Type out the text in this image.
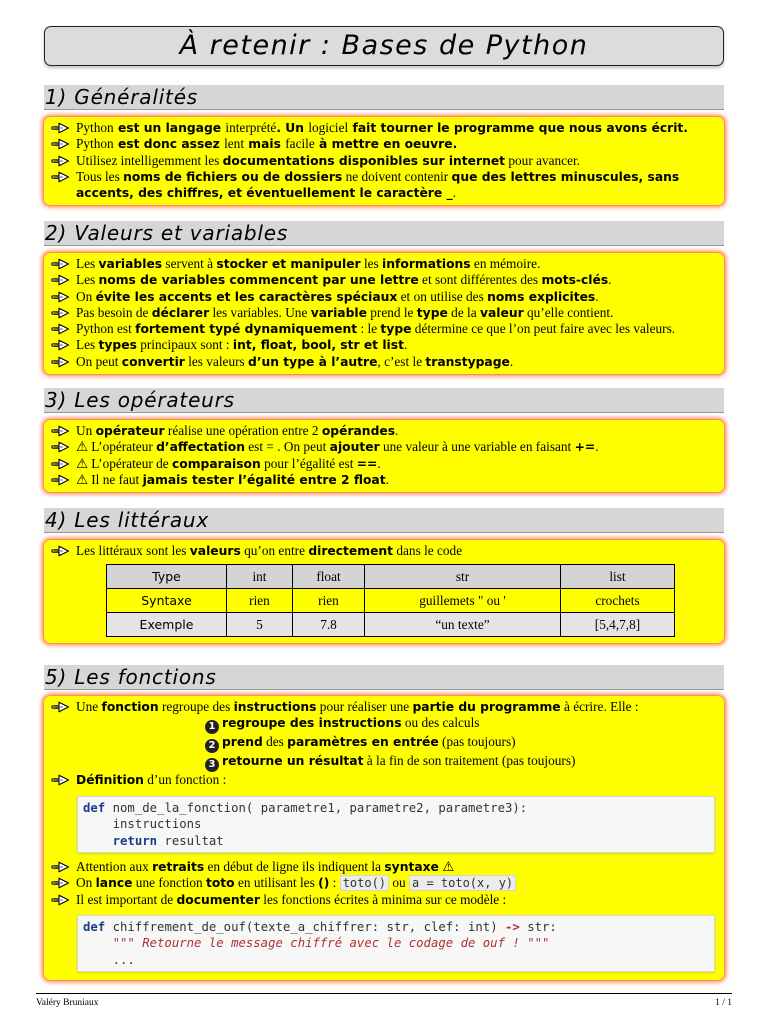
À retenir : Bases de Python
1) Généralités
Python est un langage interprété. Un logiciel fait tourner le programme que nous avons écrit.
Python est donc assez lent mais facile à mettre en oeuvre.
Utilisez intelligemment les documentations disponibles sur internet pour avancer.
Tous les noms de fichiers ou de dossiers ne doivent contenir que des lettres minuscules, sans accents, des chiffres, et éventuellement le caractère _.
2) Valeurs et variables
Les variables servent à stocker et manipuler les informations en mémoire.
Les noms de variables commencent par une lettre et sont différentes des mots-clés.
On évite les accents et les caractères spéciaux et on utilise des noms explicites.
Pas besoin de déclarer les variables. Une variable prend le type de la valeur qu’elle contient.
Python est fortement typé dynamiquement : le type détermine ce que l’on peut faire avec les valeurs.
Les types principaux sont : int, float, bool, str et list.
On peut convertir les valeurs d’un type à l’autre, c’est le transtypage.
3) Les opérateurs
Un opérateur réalise une opération entre 2 opérandes.
⚠ L’opérateur d’affectation est = . On peut ajouter une valeur à une variable en faisant +=.
⚠ L’opérateur de comparaison pour l’égalité est ==.
⚠ Il ne faut jamais tester l’égalité entre 2 float.
4) Les littéraux
Les littéraux sont les valeurs qu’on entre directement dans le code
Type	int	float	str	list
Syntaxe	rien	rien	guillemets " ou '	crochets
Exemple	5	7.8	“un texte”	[5,4,7,8]
5) Les fonctions
Une fonction regroupe des instructions pour réaliser une partie du programme à écrire. Elle :
1 regroupe des instructions ou des calculs
2 prend des paramètres en entrée (pas toujours)
3 retourne un résultat à la fin de son traitement (pas toujours)
Définition d’un fonction :
def nom_de_la_fonction( parametre1, parametre2, parametre3):
instructions
return resultat
Attention aux retraits en début de ligne ils indiquent la syntaxe ⚠
On lance une fonction toto en utilisant les () : toto() ou a = toto(x, y)
Il est important de documenter les fonctions écrites à minima sur ce modèle :
def chiffrement_de_ouf(texte_a_chiffrer: str, clef: int) -> str:
""" Retourne le message chiffré avec le codage de ouf ! """
...
Valéry Bruniaux	1 / 1
